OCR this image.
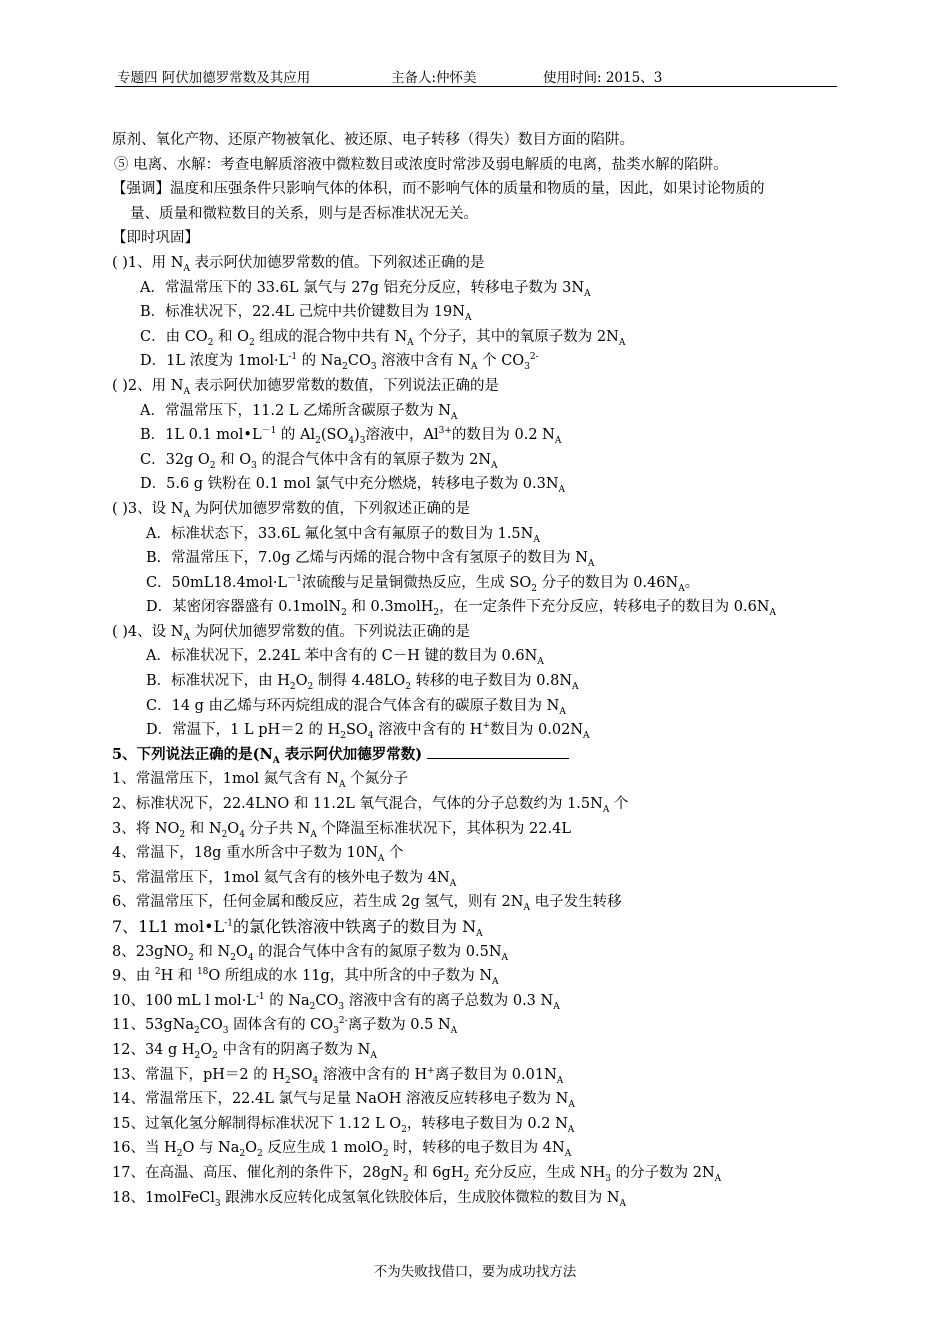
专题四 阿伏加德罗常数及其应用	主备人:仲怀美	使用时间: 2015、3
原剂、氧化产物、还原产物被氧化、被还原、电子转移（得失）数目方面的陷阱。
⑤ 电离、水解：考查电解质溶液中微粒数目或浓度时常涉及弱电解质的电离，盐类水解的陷阱。
【强调】温度和压强条件只影响气体的体积，而不影响气体的质量和物质的量，因此，如果讨论物质的
量、质量和微粒数目的关系，则与是否标准状况无关。
【即时巩固】
( )1、用 $N_A$ 表示阿伏加德罗常数的值。下列叙述正确的是
A．常温常压下的 33.6L 氯气与 27g 铝充分反应，转移电子数为 $3N_A$
B．标准状况下，22.4L 己烷中共价键数目为 $19N_A$
C．由 $CO_2$ 和 $O_2$ 组成的混合物中共有 $N_A$ 个分子，其中的氧原子数为 $2N_A$
D．1L 浓度为 $1mol\cdot L^{-1}$ 的 $Na_2CO_3$ 溶液中含有 $N_A$ 个 $CO_3^{2-}$
( )2、用 $N_A$ 表示阿伏加德罗常数的数值，下列说法正确的是
A．常温常压下，11.2 L 乙烯所含碳原子数为 $N_A$
B．1L 0.1 $mol•L^{-1}$ 的 $Al_2(SO_4)_3$溶液中，$Al^{3+}$的数目为 0.2 $N_A$
C．32g $O_2$ 和 $O_3$ 的混合气体中含有的氧原子数为 $2N_A$
D．5.6 g 铁粉在 0.1 mol 氯气中充分燃烧，转移电子数为 $0.3N_A$
( )3、设 $N_A$ 为阿伏加德罗常数的值，下列叙述正确的是
A．标准状态下，33.6L 氟化氢中含有氟原子的数目为 $1.5N_A$
B．常温常压下，7.0g 乙烯与丙烯的混合物中含有氢原子的数目为 $N_A$
C．$50mL18.4mol\cdot L^{-1}$浓硫酸与足量铜微热反应，生成 $SO_2$ 分子的数目为 $0.46N_A$。
D．某密闭容器盛有 0.1molN$_2$ 和 0.3molH$_2$，在一定条件下充分反应，转移电子的数目为 $0.6N_A$
( )4、设 $N_A$ 为阿伏加德罗常数的值。下列说法正确的是
A．标准状况下，2.24L 苯中含有的 C－H 键的数目为 $0.6N_A$
B．标准状况下，由 $H_2O_2$ 制得 $4.48LO_2$ 转移的电子数目为 $0.8N_A$
C．14 g 由乙烯与环丙烷组成的混合气体含有的碳原子数目为 $N_A$
D．常温下，1 L pH＝2 的 $H_2SO_4$ 溶液中含有的 H+数目为 $0.02N_A$
5、下列说法正确的是($N_A$ 表示阿伏加德罗常数)
1、常温常压下，1mol 氮气含有 $N_A$ 个氮分子
2、标准状况下，22.4LNO 和 11.2L 氧气混合，气体的分子总数约为 $1.5N_A$ 个
3、将 $NO_2$ 和 $N_2O_4$ 分子共 $N_A$ 个降温至标准状况下，其体积为 22.4L
4、常温下，18g 重水所含中子数为 $10N_A$ 个
5、常温常压下，1mol 氦气含有的核外电子数为 $4N_A$
6、常温常压下，任何金属和酸反应，若生成 2g 氢气，则有 $2N_A$ 电子发生转移
7、1L1 $mol•L^{-1}$的氯化铁溶液中铁离子的数目为 $N_A$
8、23gNO$_2$ 和 $N_2O_4$ 的混合气体中含有的氮原子数为 $0.5N_A$
9、由 $^2$H 和 $^{18}$O 所组成的水 11g，其中所含的中子数为 $N_A$
10、100 mL l $mol\cdot L^{-1}$ 的 $Na_2CO_3$ 溶液中含有的离子总数为 0.3 $N_A$
11、$53gNa_2CO_3$ 固体含有的 $CO_3^{2-}$离子数为 0.5 $N_A$
12、34 g $H_2O_2$ 中含有的阴离子数为 $N_A$
13、常温下，pH＝2 的 $H_2SO_4$ 溶液中含有的 H+离子数目为 $0.01N_A$
14、常温常压下，22.4L 氯气与足量 NaOH 溶液反应转移电子数为 $N_A$
15、过氧化氢分解制得标准状况下 1.12 L $O_2$，转移电子数目为 0.2 $N_A$
16、当 $H_2O$ 与 $Na_2O_2$ 反应生成 1 molO$_2$ 时，转移的电子数目为 $4N_A$
17、在高温、高压、催化剂的条件下，$28gN_2$ 和 $6gH_2$ 充分反应，生成 $NH_3$ 的分子数为 $2N_A$
18、1molFeCl$_3$ 跟沸水反应转化成氢氧化铁胶体后，生成胶体微粒的数目为 $N_A$
不为失败找借口，要为成功找方法
